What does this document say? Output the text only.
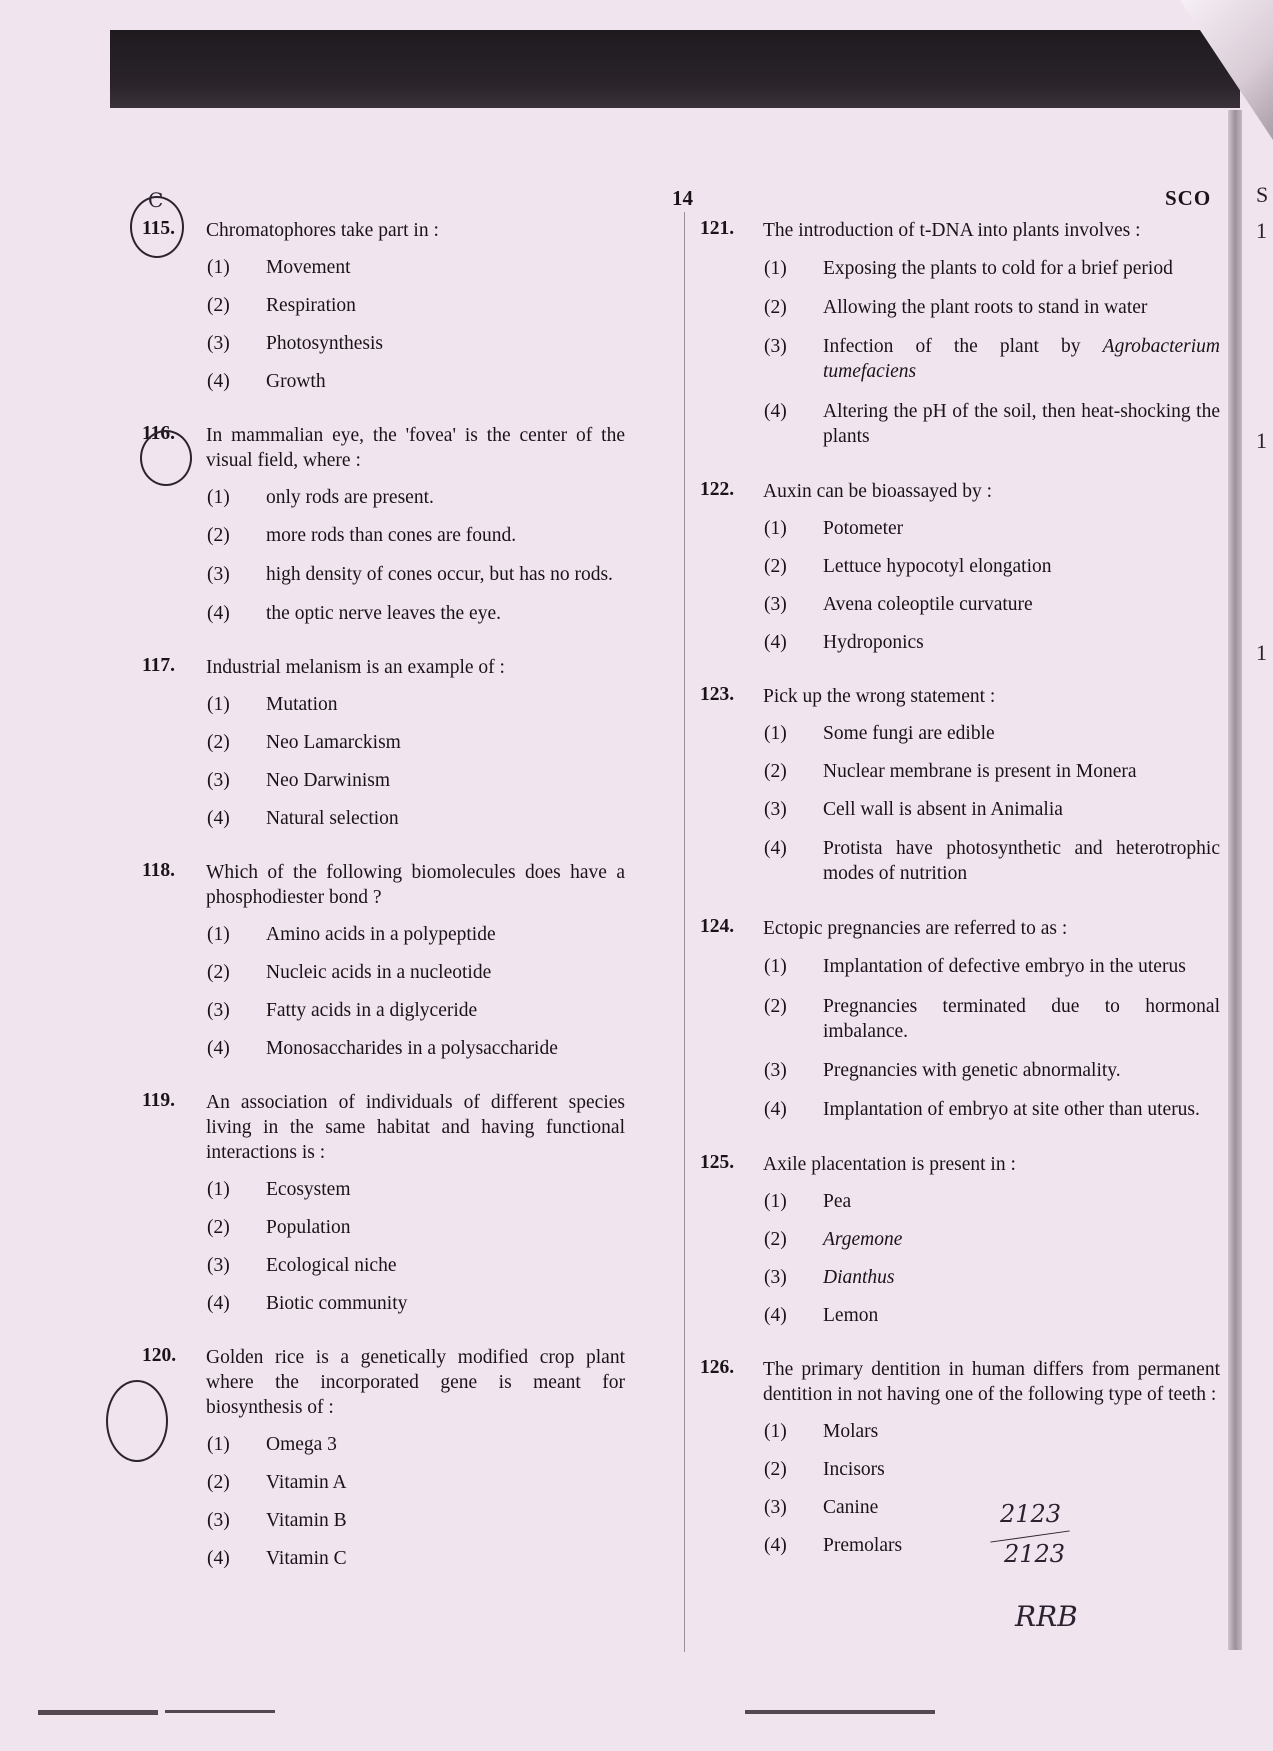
S
1
1
1
14	SCO
C
115.	Chromatophores take part in :
(1) Movement
(2) Respiration
(3) Photosynthesis
(4) Growth
116.	In mammalian eye, the 'fovea' is the center of the visual field, where :
(1) only rods are present.
(2) more rods than cones are found.
(3) high density of cones occur, but has no rods.
(4) the optic nerve leaves the eye.
117.	Industrial melanism is an example of :
(1) Mutation
(2) Neo Lamarckism
(3) Neo Darwinism
(4) Natural selection
118.	Which of the following biomolecules does have a phosphodiester bond ?
(1) Amino acids in a polypeptide
(2) Nucleic acids in a nucleotide
(3) Fatty acids in a diglyceride
(4) Monosaccharides in a polysaccharide
119.	An association of individuals of different species living in the same habitat and having functional interactions is :
(1) Ecosystem
(2) Population
(3) Ecological niche
(4) Biotic community
120.	Golden rice is a genetically modified crop plant where the incorporated gene is meant for biosynthesis of :
(1) Omega 3
(2) Vitamin A
(3) Vitamin B
(4) Vitamin C
121.	The introduction of t-DNA into plants involves :
(1) Exposing the plants to cold for a brief period
(2) Allowing the plant roots to stand in water
(3) Infection of the plant by Agrobacterium tumefaciens
(4) Altering the pH of the soil, then heat-shocking the plants
122.	Auxin can be bioassayed by :
(1) Potometer
(2) Lettuce hypocotyl elongation
(3) Avena coleoptile curvature
(4) Hydroponics
123.	Pick up the wrong statement :
(1) Some fungi are edible
(2) Nuclear membrane is present in Monera
(3) Cell wall is absent in Animalia
(4) Protista have photosynthetic and heterotrophic modes of nutrition
124.	Ectopic pregnancies are referred to as :
(1) Implantation of defective embryo in the uterus
(2) Pregnancies terminated due to hormonal imbalance.
(3) Pregnancies with genetic abnormality.
(4) Implantation of embryo at site other than uterus.
125.	Axile placentation is present in :
(1) Pea
(2) Argemone
(3) Dianthus
(4) Lemon
126.	The primary dentition in human differs from permanent dentition in not having one of the following type of teeth :
(1) Molars
(2) Incisors
(3) Canine
(4) Premolars
2123
2123
RRB
